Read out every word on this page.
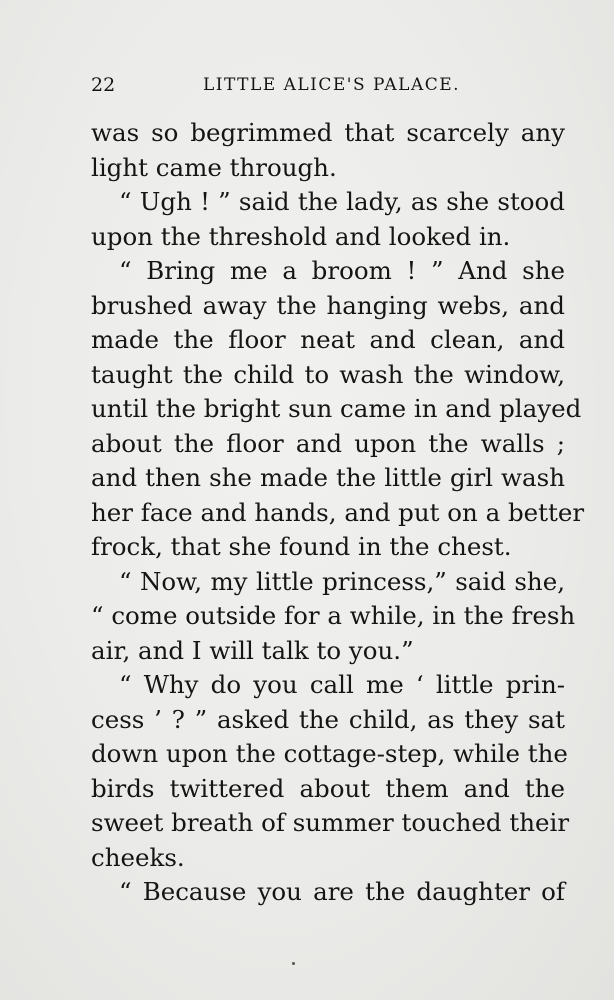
22	LITTLE ALICE'S PALACE.
was so begrimmed that scarcely any
light came through.
“ Ugh ! ” said the lady, as she stood
upon the threshold and looked in.
“ Bring me a broom ! ” And she
brushed away the hanging webs, and
made the floor neat and clean, and
taught the child to wash the window,
until the bright sun came in and played
about the floor and upon the walls ;
and then she made the little girl wash
her face and hands, and put on a better
frock, that she found in the chest.
“ Now, my little princess,” said she,
“ come outside for a while, in the fresh
air, and I will talk to you.”
“ Why do you call me ‘ little prin-
cess ’ ? ” asked the child, as they sat
down upon the cottage-step, while the
birds twittered about them and the
sweet breath of summer touched their
cheeks.
“ Because you are the daughter of
